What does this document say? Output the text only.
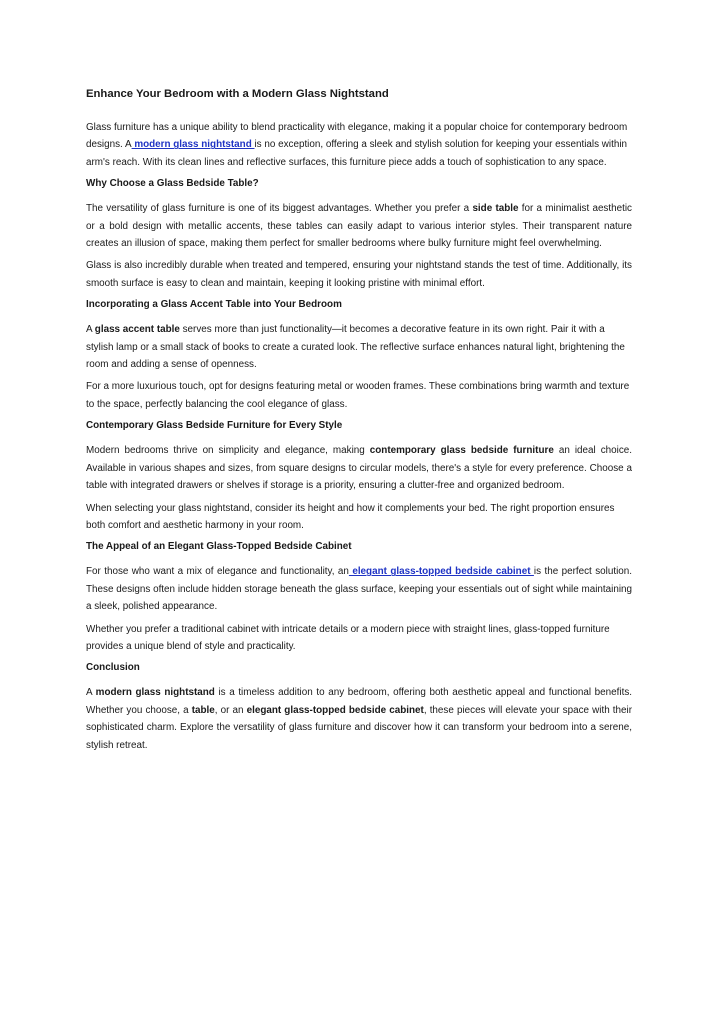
Enhance Your Bedroom with a Modern Glass Nightstand

Glass furniture has a unique ability to blend practicality with elegance, making it a popular choice for contemporary bedroom designs. A modern glass nightstand is no exception, offering a sleek and stylish solution for keeping your essentials within arm's reach. With its clean lines and reflective surfaces, this furniture piece adds a touch of sophistication to any space.

Why Choose a Glass Bedside Table?

The versatility of glass furniture is one of its biggest advantages. Whether you prefer a side table for a minimalist aesthetic or a bold design with metallic accents, these tables can easily adapt to various interior styles. Their transparent nature creates an illusion of space, making them perfect for smaller bedrooms where bulky furniture might feel overwhelming.

Glass is also incredibly durable when treated and tempered, ensuring your nightstand stands the test of time. Additionally, its smooth surface is easy to clean and maintain, keeping it looking pristine with minimal effort.

Incorporating a Glass Accent Table into Your Bedroom

A glass accent table serves more than just functionality—it becomes a decorative feature in its own right. Pair it with a stylish lamp or a small stack of books to create a curated look. The reflective surface enhances natural light, brightening the room and adding a sense of openness.

For a more luxurious touch, opt for designs featuring metal or wooden frames. These combinations bring warmth and texture to the space, perfectly balancing the cool elegance of glass.

Contemporary Glass Bedside Furniture for Every Style

Modern bedrooms thrive on simplicity and elegance, making contemporary glass bedside furniture an ideal choice. Available in various shapes and sizes, from square designs to circular models, there's a style for every preference. Choose a table with integrated drawers or shelves if storage is a priority, ensuring a clutter-free and organized bedroom.

When selecting your glass nightstand, consider its height and how it complements your bed. The right proportion ensures both comfort and aesthetic harmony in your room.

The Appeal of an Elegant Glass-Topped Bedside Cabinet

For those who want a mix of elegance and functionality, an elegant glass-topped bedside cabinet is the perfect solution. These designs often include hidden storage beneath the glass surface, keeping your essentials out of sight while maintaining a sleek, polished appearance.

Whether you prefer a traditional cabinet with intricate details or a modern piece with straight lines, glass-topped furniture provides a unique blend of style and practicality.

Conclusion

A modern glass nightstand is a timeless addition to any bedroom, offering both aesthetic appeal and functional benefits. Whether you choose, a table, or an elegant glass-topped bedside cabinet, these pieces will elevate your space with their sophisticated charm. Explore the versatility of glass furniture and discover how it can transform your bedroom into a serene, stylish retreat.
